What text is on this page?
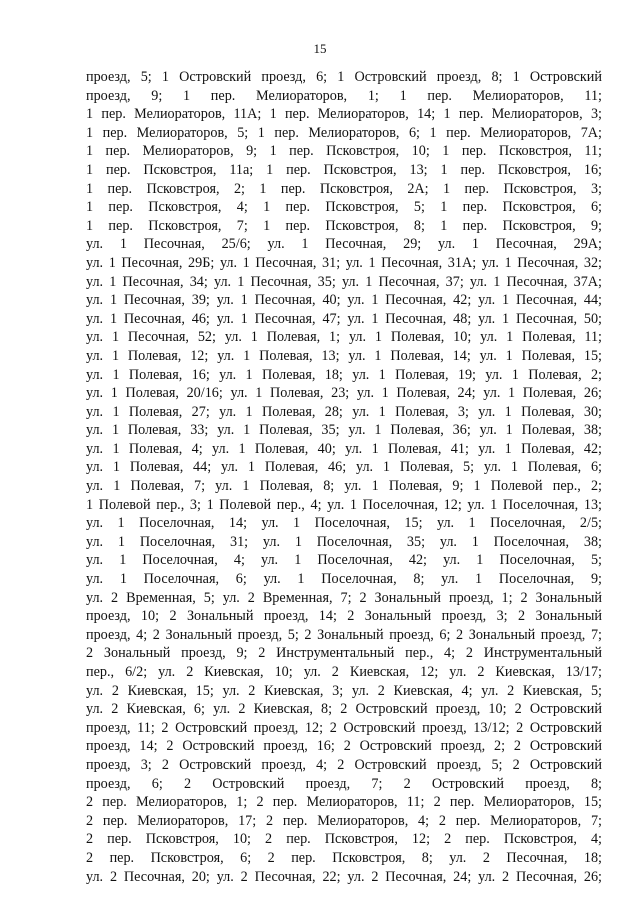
15
проезд, 5; 1 Островский проезд, 6; 1 Островский проезд, 8; 1 Островский
проезд, 9; 1 пер. Мелиораторов, 1; 1 пер. Мелиораторов, 11;
1 пер. Мелиораторов, 11А; 1 пер. Мелиораторов, 14; 1 пер. Мелиораторов, 3;
1 пер. Мелиораторов, 5; 1 пер. Мелиораторов, 6; 1 пер. Мелиораторов, 7А;
1 пер. Мелиораторов, 9; 1 пер. Псковстроя, 10; 1 пер. Псковстроя, 11;
1 пер. Псковстроя, 11а; 1 пер. Псковстроя, 13; 1 пер. Псковстроя, 16;
1 пер. Псковстроя, 2; 1 пер. Псковстроя, 2А; 1 пер. Псковстроя, 3;
1 пер. Псковстроя, 4; 1 пер. Псковстроя, 5; 1 пер. Псковстроя, 6;
1 пер. Псковстроя, 7; 1 пер. Псковстроя, 8; 1 пер. Псковстроя, 9;
ул. 1 Песочная, 25/6; ул. 1 Песочная, 29; ул. 1 Песочная, 29А;
ул. 1 Песочная, 29Б; ул. 1 Песочная, 31; ул. 1 Песочная, 31А; ул. 1 Песочная, 32;
ул. 1 Песочная, 34; ул. 1 Песочная, 35; ул. 1 Песочная, 37; ул. 1 Песочная, 37А;
ул. 1 Песочная, 39; ул. 1 Песочная, 40; ул. 1 Песочная, 42; ул. 1 Песочная, 44;
ул. 1 Песочная, 46; ул. 1 Песочная, 47; ул. 1 Песочная, 48; ул. 1 Песочная, 50;
ул. 1 Песочная, 52; ул. 1 Полевая, 1; ул. 1 Полевая, 10; ул. 1 Полевая, 11;
ул. 1 Полевая, 12; ул. 1 Полевая, 13; ул. 1 Полевая, 14; ул. 1 Полевая, 15;
ул. 1 Полевая, 16; ул. 1 Полевая, 18; ул. 1 Полевая, 19; ул. 1 Полевая, 2;
ул. 1 Полевая, 20/16; ул. 1 Полевая, 23; ул. 1 Полевая, 24; ул. 1 Полевая, 26;
ул. 1 Полевая, 27; ул. 1 Полевая, 28; ул. 1 Полевая, 3; ул. 1 Полевая, 30;
ул. 1 Полевая, 33; ул. 1 Полевая, 35; ул. 1 Полевая, 36; ул. 1 Полевая, 38;
ул. 1 Полевая, 4; ул. 1 Полевая, 40; ул. 1 Полевая, 41; ул. 1 Полевая, 42;
ул. 1 Полевая, 44; ул. 1 Полевая, 46; ул. 1 Полевая, 5; ул. 1 Полевая, 6;
ул. 1 Полевая, 7; ул. 1 Полевая, 8; ул. 1 Полевая, 9; 1 Полевой пер., 2;
1 Полевой пер., 3; 1 Полевой пер., 4; ул. 1 Поселочная, 12; ул. 1 Поселочная, 13;
ул. 1 Поселочная, 14; ул. 1 Поселочная, 15; ул. 1 Поселочная, 2/5;
ул. 1 Поселочная, 31; ул. 1 Поселочная, 35; ул. 1 Поселочная, 38;
ул. 1 Поселочная, 4; ул. 1 Поселочная, 42; ул. 1 Поселочная, 5;
ул. 1 Поселочная, 6; ул. 1 Поселочная, 8; ул. 1 Поселочная, 9;
ул. 2 Временная, 5; ул. 2 Временная, 7; 2 Зональный проезд, 1; 2 Зональный
проезд, 10; 2 Зональный проезд, 14; 2 Зональный проезд, 3; 2 Зональный
проезд, 4; 2 Зональный проезд, 5; 2 Зональный проезд, 6; 2 Зональный проезд, 7;
2 Зональный проезд, 9; 2 Инструментальный пер., 4; 2 Инструментальный
пер., 6/2; ул. 2 Киевская, 10; ул. 2 Киевская, 12; ул. 2 Киевская, 13/17;
ул. 2 Киевская, 15; ул. 2 Киевская, 3; ул. 2 Киевская, 4; ул. 2 Киевская, 5;
ул. 2 Киевская, 6; ул. 2 Киевская, 8; 2 Островский проезд, 10; 2 Островский
проезд, 11; 2 Островский проезд, 12; 2 Островский проезд, 13/12; 2 Островский
проезд, 14; 2 Островский проезд, 16; 2 Островский проезд, 2; 2 Островский
проезд, 3; 2 Островский проезд, 4; 2 Островский проезд, 5; 2 Островский
проезд, 6; 2 Островский проезд, 7; 2 Островский проезд, 8;
2 пер. Мелиораторов, 1; 2 пер. Мелиораторов, 11; 2 пер. Мелиораторов, 15;
2 пер. Мелиораторов, 17; 2 пер. Мелиораторов, 4; 2 пер. Мелиораторов, 7;
2 пер. Псковстроя, 10; 2 пер. Псковстроя, 12; 2 пер. Псковстроя, 4;
2 пер. Псковстроя, 6; 2 пер. Псковстроя, 8; ул. 2 Песочная, 18;
ул. 2 Песочная, 20; ул. 2 Песочная, 22; ул. 2 Песочная, 24; ул. 2 Песочная, 26;
